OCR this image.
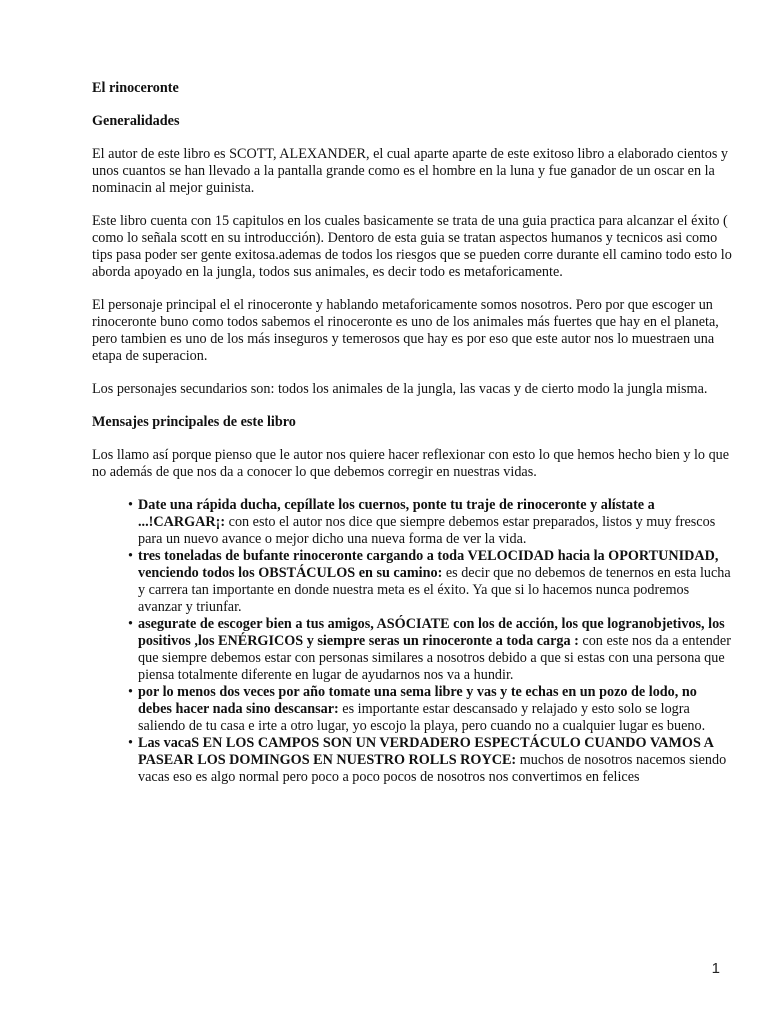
El rinoceronte

Generalidades

El autor de este libro es SCOTT, ALEXANDER, el cual aparte aparte de este exitoso libro a elaborado cientos y unos cuantos se han llevado a la pantalla grande como es el hombre en la luna y fue ganador de un oscar en la nominacin al mejor guinista.

Este libro cuenta con 15 capitulos en los cuales basicamente se trata de una guia practica para alcanzar el éxito ( como lo señala scott en su introducción). Dentoro de esta guia se tratan aspectos humanos y tecnicos asi como tips pasa poder ser gente exitosa.ademas de todos los riesgos que se pueden corre durante ell camino todo esto lo aborda apoyado en la jungla, todos sus animales, es decir todo es metaforicamente.

El personaje principal el el rinoceronte y hablando metaforicamente somos nosotros. Pero por que escoger un rinoceronte buno como todos sabemos el rinoceronte es uno de los animales más fuertes que hay en el planeta, pero tambien es uno de los más inseguros y temerosos que hay es por eso que este autor nos lo muestraen una etapa de superacion.

Los personajes secundarios son: todos los animales de la jungla, las vacas y de cierto modo la jungla misma.

Mensajes principales de este libro

Los llamo así porque pienso que le autor nos quiere hacer reflexionar con esto lo que hemos hecho bien y lo que no además de que nos da a conocer lo que debemos corregir en nuestras vidas.

• Date una rápida ducha, cepíllate los cuernos, ponte tu traje de rinoceronte y alístate a ...!CARGAR¡: con esto el autor nos dice que siempre debemos estar preparados, listos y muy frescos para un nuevo avance o mejor dicho una nueva forma de ver la vida.
• tres toneladas de bufante rinoceronte cargando a toda VELOCIDAD hacia la OPORTUNIDAD, venciendo todos los OBSTÁCULOS en su camino: es decir que no debemos de tenernos en esta lucha y carrera tan importante en donde nuestra meta es el éxito. Ya que si lo hacemos nunca podremos avanzar y triunfar.
• asegurate de escoger bien a tus amigos, ASÓCIATE con los de acción, los que logranobjetivos, los positivos ,los ENÉRGICOS y siempre seras un rinoceronte a toda carga : con este nos da a entender que siempre debemos estar con personas similares a nosotros debido a que si estas con una persona que piensa totalmente diferente en lugar de ayudarnos nos va a hundir.
• por lo menos dos veces por año tomate una sema libre y vas y te echas en un pozo de lodo, no debes hacer nada sino descansar: es importante estar descansado y relajado y esto solo se logra saliendo de tu casa e irte a otro lugar, yo escojo la playa, pero cuando no a cualquier lugar es bueno.
• Las vacaS EN LOS CAMPOS SON UN VERDADERO ESPECTÁCULO CUANDO VAMOS A PASEAR LOS DOMINGOS EN NUESTRO ROLLS ROYCE: muchos de nosotros nacemos siendo vacas eso es algo normal pero poco a poco pocos de nosotros nos convertimos en felices
1
